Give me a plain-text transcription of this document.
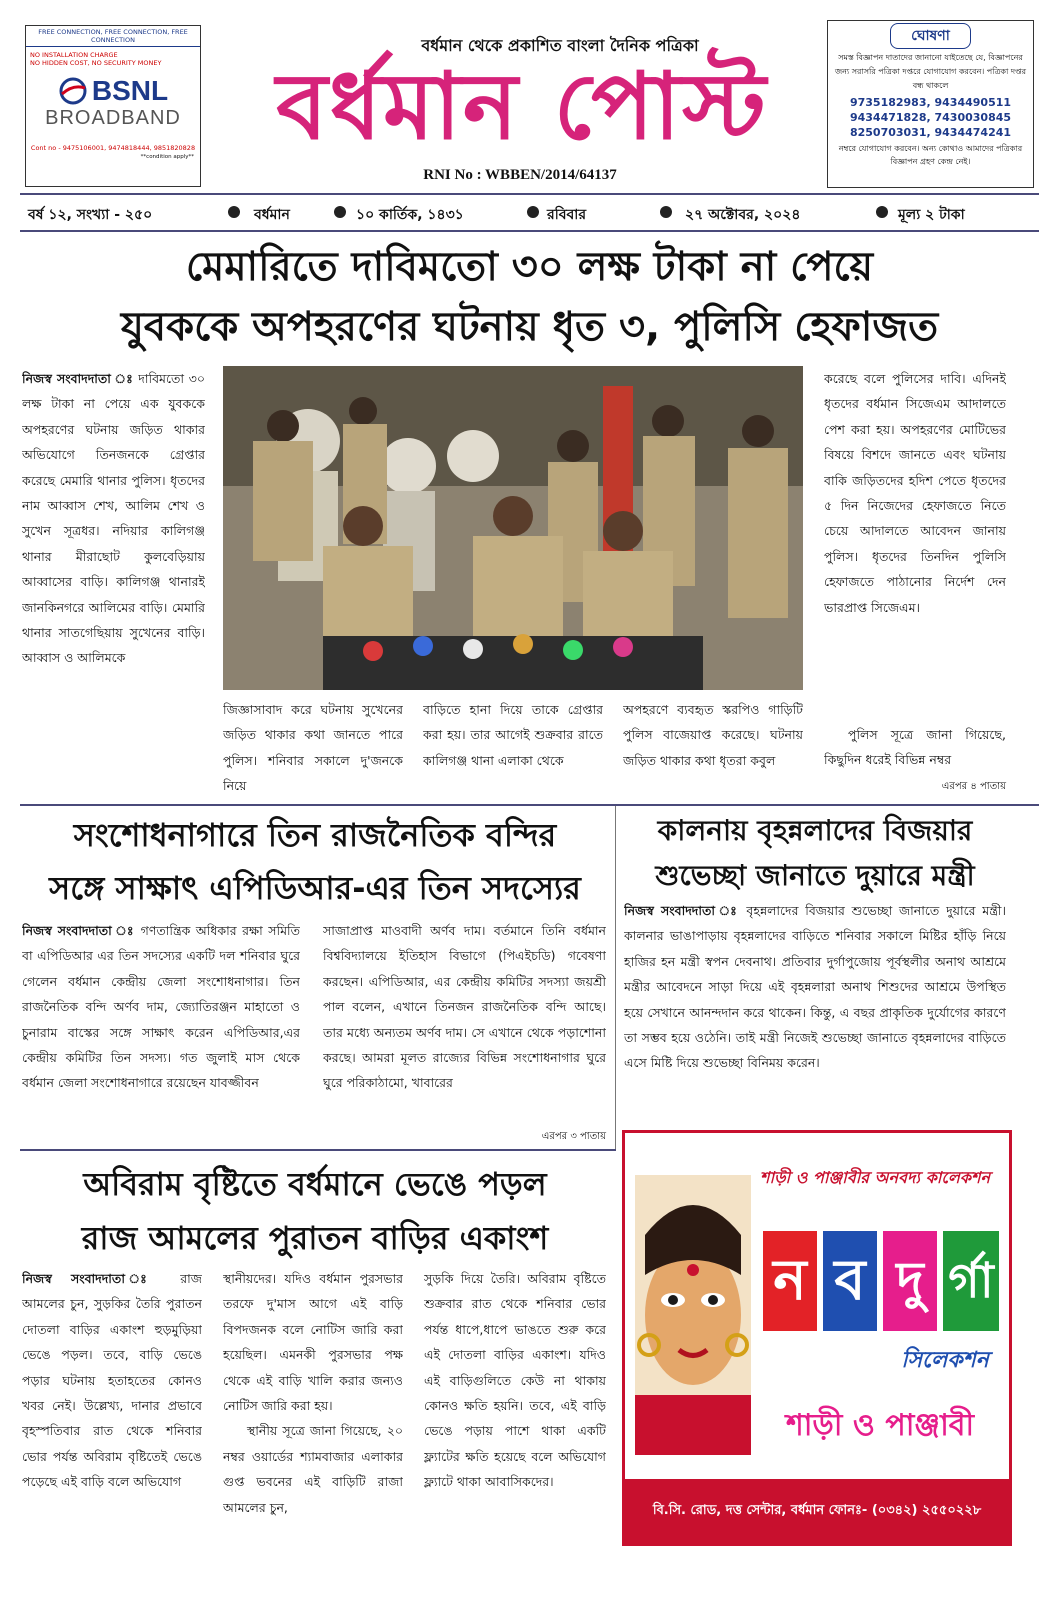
FREE CONNECTION, FREE CONNECTION, FREE CONNECTION
NO INSTALLATION CHARGE
NO HIDDEN COST, NO SECURITY MONEY
BSNL
BROADBAND
Cont no - 9475106001, 9474818444, 9851820828
**condition apply**
বর্ধমান থেকে প্রকাশিত বাংলা দৈনিক পত্রিকা
বর্ধমান পোস্ট
RNI No : WBBEN/2014/64137
ঘোষণা
সমস্ত বিজ্ঞাপন দাতাদের জানানো যাইতেছে যে, বিজ্ঞাপনের জন্য সরাসরি পত্রিকা দপ্তরে যোগাযোগ করবেন। পত্রিকা দপ্তর বন্ধ থাকলে
9735182983, 9434490511
9434471828, 7430030845
8250703031, 9434474241
নম্বরে যোগাযোগ করবেন। অন্য কোথাও আমাদের পত্রিকার বিজ্ঞাপন গ্রহণ কেন্দ্র নেই।
বর্ষ ১২, সংখ্যা - ২৫০	বর্ধমান	১০ কার্তিক, ১৪৩১	রবিবার	২৭ অক্টোবর, ২০২৪	মূল্য ২ টাকা
মেমারিতে দাবিমতো ৩০ লক্ষ টাকা না পেয়ে
যুবককে অপহরণের ঘটনায় ধৃত ৩, পুলিসি হেফাজত
নিজস্ব সংবাদদাতা ঃ দাবিমতো ৩০ লক্ষ টাকা না পেয়ে এক যুবককে অপহরণের ঘটনায় জড়িত থাকার অভিযোগে তিনজনকে গ্রেপ্তার করেছে মেমারি থানার পুলিস। ধৃতদের নাম আব্বাস শেখ, আলিম শেখ ও সুখেন সূত্রধর। নদিয়ার কালিগঞ্জ থানার মীরাছোট কুলবেড়িয়ায় আব্বাসের বাড়ি। কালিগঞ্জ থানারই জানকিনগরে আলিমের বাড়ি। মেমারি থানার সাতগেছিয়ায় সুখেনের বাড়ি। আব্বাস ও আলিমকে
জিজ্ঞাসাবাদ করে ঘটনায় সুখেনের জড়িত থাকার কথা জানতে পারে পুলিস। শনিবার সকালে দু'জনকে নিয়ে
বাড়িতে হানা দিয়ে তাকে গ্রেপ্তার করা হয়। তার আগেই শুক্রবার রাতে কালিগঞ্জ থানা এলাকা থেকে
অপহরণে ব্যবহৃত স্করপিও গাড়িটি পুলিস বাজেয়াপ্ত করেছে। ঘটনায় জড়িত থাকার কথা ধৃতরা কবুল
করেছে বলে পুলিসের দাবি। এদিনই ধৃতদের বর্ধমান সিজেএম আদালতে পেশ করা হয়। অপহরণের মোটিভের বিষয়ে বিশদে জানতে এবং ঘটনায় বাকি জড়িতদের হদিশ পেতে ধৃতদের ৫ দিন নিজেদের হেফাজতে নিতে চেয়ে আদালতে আবেদন জানায় পুলিস। ধৃতদের তিনদিন পুলিসি হেফাজতে পাঠানোর নির্দেশ দেন ভারপ্রাপ্ত সিজেএম।
পুলিস সূত্রে জানা গিয়েছে, কিছুদিন ধরেই বিভিন্ন নম্বর
এরপর ৪ পাতায়
সংশোধনাগারে তিন রাজনৈতিক বন্দির
সঙ্গে সাক্ষাৎ এপিডিআর-এর তিন সদস্যের
নিজস্ব সংবাদদাতা ঃ গণতান্ত্রিক অধিকার রক্ষা সমিতি বা এপিডিআর এর তিন সদস্যের একটি দল শনিবার ঘুরে গেলেন বর্ধমান কেন্দ্রীয় জেলা সংশোধনাগার। তিন রাজনৈতিক বন্দি অর্ণব দাম, জ্যোতিরঞ্জন মাহাতো ও চুনারাম বাস্কের সঙ্গে সাক্ষাৎ করেন এপিডিআর,এর কেন্দ্রীয় কমিটির তিন সদস্য। গত জুলাই মাস থেকে বর্ধমান জেলা সংশোধনাগারে রয়েছেন যাবজ্জীবন
সাজাপ্রাপ্ত মাওবাদী অর্ণব দাম। বর্তমানে তিনি বর্ধমান বিশ্ববিদ্যালয়ে ইতিহাস বিভাগে (পিএইচডি) গবেষণা করছেন। এপিডিআর, এর কেন্দ্রীয় কমিটির সদস্যা জয়শ্রী পাল বলেন, এখানে তিনজন রাজনৈতিক বন্দি আছে। তার মধ্যে অন্যতম অর্ণব দাম। সে এখানে থেকে পড়াশোনা করছে। আমরা মূলত রাজ্যের বিভিন্ন সংশোধনাগার ঘুরে ঘুরে পরিকাঠামো, খাবারের
এরপর ৩ পাতায়
কালনায় বৃহন্নলাদের বিজয়ার
শুভেচ্ছা জানাতে দুয়ারে মন্ত্রী
নিজস্ব সংবাদদাতা ঃ বৃহন্নলাদের বিজয়ার শুভেচ্ছা জানাতে দুয়ারে মন্ত্রী। কালনার ভাঙাপাড়ায় বৃহন্নলাদের বাড়িতে শনিবার সকালে মিষ্টির হাঁড়ি নিয়ে হাজির হন মন্ত্রী স্বপন দেবনাথ। প্রতিবার দুর্গাপুজোয় পূর্বস্থলীর অনাথ আশ্রমে মন্ত্রীর আবেদনে সাড়া দিয়ে এই বৃহন্নলারা অনাথ শিশুদের আশ্রমে উপস্থিত হয়ে সেখানে আনন্দদান করে থাকেন। কিন্তু, এ বছর প্রাকৃতিক দুর্যোগের কারণে তা সম্ভব হয়ে ওঠেনি। তাই মন্ত্রী নিজেই শুভেচ্ছা জানাতে বৃহন্নলাদের বাড়িতে এসে মিষ্টি দিয়ে শুভেচ্ছা বিনিময় করেন।
অবিরাম বৃষ্টিতে বর্ধমানে ভেঙে পড়ল
রাজ আমলের পুরাতন বাড়ির একাংশ
নিজস্ব সংবাদদাতা ঃ রাজ আমলের চুন, সুড়কির তৈরি পুরাতন দোতলা বাড়ির একাংশ হুড়মুড়িয়া ভেঙে পড়ল। তবে, বাড়ি ভেঙে পড়ার ঘটনায় হতাহতের কোনও খবর নেই। উল্লেখ্য, দানার প্রভাবে বৃহস্পতিবার রাত থেকে শনিবার ভোর পর্যন্ত অবিরাম বৃষ্টিতেই ভেঙে পড়েছে এই বাড়ি বলে অভিযোগ
স্থানীয়দের। যদিও বর্ধমান পুরসভার তরফে দু'মাস আগে এই বাড়ি বিপদজনক বলে নোটিস জারি করা হয়েছিল। এমনকী পুরসভার পক্ষ থেকে এই বাড়ি খালি করার জন্যও নোটিস জারি করা হয়।
স্থানীয় সূত্রে জানা গিয়েছে, ২০ নম্বর ওয়ার্ডের শ্যামবাজার এলাকার গুপ্ত ভবনের এই বাড়িটি রাজা আমলের চুন,
সুড়কি দিয়ে তৈরি। অবিরাম বৃষ্টিতে শুক্রবার রাত থেকে শনিবার ভোর পর্যন্ত ধাপে,ধাপে ভাঙতে শুরু করে এই দোতলা বাড়ির একাংশ। যদিও এই বাড়িগুলিতে কেউ না থাকায় কোনও ক্ষতি হয়নি। তবে, এই বাড়ি ভেঙে পড়ায় পাশে থাকা একটি ফ্ল্যাটের ক্ষতি হয়েছে বলে অভিযোগ ফ্ল্যাটে থাকা আবাসিকদের।
শাড়ী ও পাঞ্জাবীর অনবদ্য কালেকশন
ন ব দু র্গা
সিলেকশন
শাড়ী ও পাঞ্জাবী
বি.সি. রোড, দত্ত সেন্টার, বর্ধমান ফোনঃ- (০৩৪২) ২৫৫০২২৮
